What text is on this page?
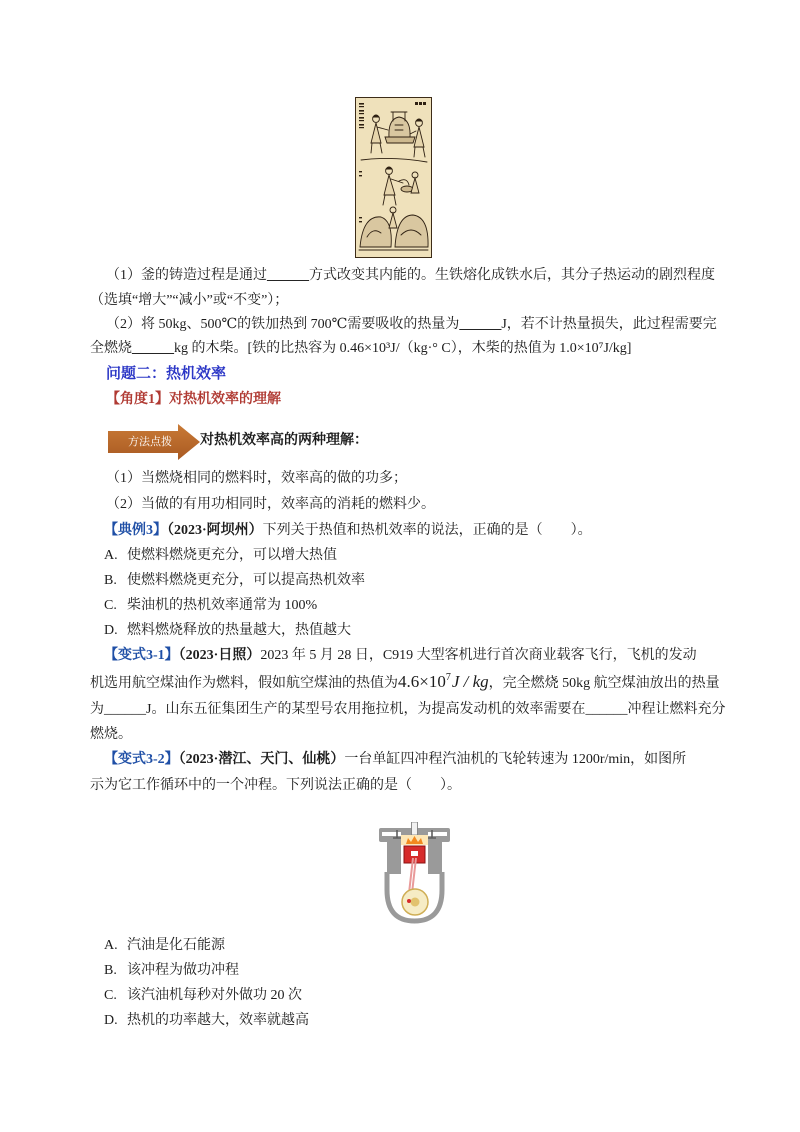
（1）釜的铸造过程是通过______方式改变其内能的。生铁熔化成铁水后，其分子热运动的剧烈程度
（选填“增大”“减小”或“不变”）；
（2）将 50kg、500℃的铁加热到 700℃需要吸收的热量为______J，若不计热量损失，此过程需要完
全燃烧______kg 的木柴。[铁的比热容为 0.46×10³J/（kg·° C），木柴的热值为 1.0×10⁷J/kg]
问题二：热机效率
【角度1】对热机效率的理解
方法点拨 对热机效率高的两种理解：
（1）当燃烧相同的燃料时，效率高的做的功多；
（2）当做的有用功相同时，效率高的消耗的燃料少。
【典例3】（2023·阿坝州）下列关于热值和热机效率的说法，正确的是（　　）。
A. 使燃料燃烧更充分，可以增大热值
B. 使燃料燃烧更充分，可以提高热机效率
C. 柴油机的热机效率通常为 100%
D. 燃料燃烧释放的热量越大，热值越大
【变式3-1】（2023·日照）2023 年 5 月 28 日，C919 大型客机进行首次商业载客飞行，飞机的发动
机选用航空煤油作为燃料，假如航空煤油的热值为$4.6\times 10^7J$ / kg，完全燃烧 50kg 航空煤油放出的热量
为______J。山东五征集团生产的某型号农用拖拉机，为提高发动机的效率需要在______冲程让燃料充分
燃烧。
【变式3-2】（2023·潜江、天门、仙桃）一台单缸四冲程汽油机的飞轮转速为 1200r/min，如图所
示为它工作循环中的一个冲程。下列说法正确的是（　　）。
A. 汽油是化石能源
B. 该冲程为做功冲程
C. 该汽油机每秒对外做功 20 次
D. 热机的功率越大，效率就越高
